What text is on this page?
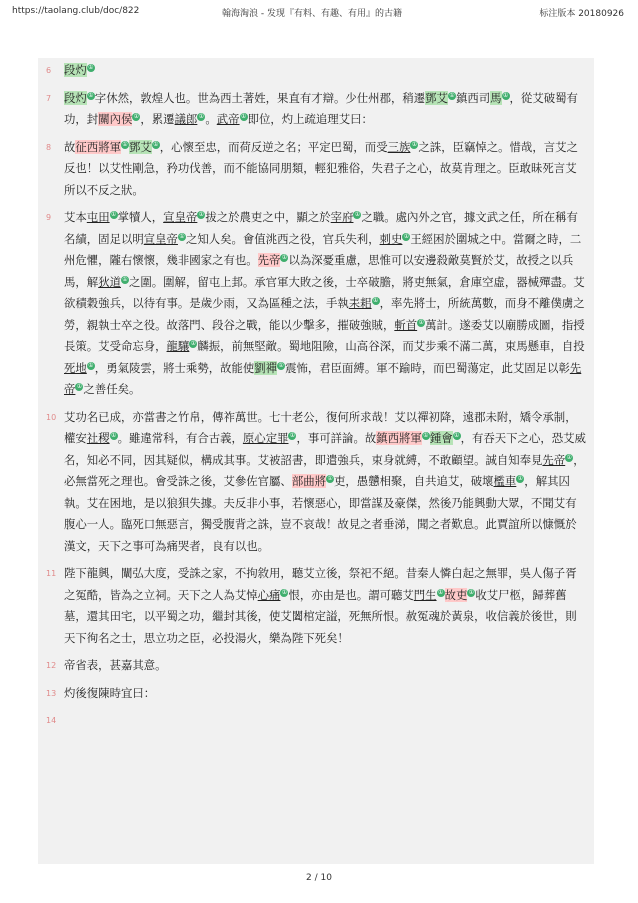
https://taolang.club/doc/822	翰海淘浪 - 发现『有料、有趣、有用』的古籍	标注版本 20180926
6	段灼①
7	段灼①字休然，敦煌人也。世為西土著姓，果直有才辯。少仕州郡，稍遷鄧艾①鎮西司馬①，從艾破蜀有功，封關內侯①，累遷議郎①。武帝①即位，灼上疏追理艾曰：
8	故征西將軍①鄧艾①，心懷至忠，而荷反逆之名；平定巴蜀，而受三族①之誅，臣竊悼之。惜哉，言艾之反也！以艾性剛急，矜功伐善，而不能協同朋類，輕犯雅俗，失君子之心，故莫肯理之。臣敢昧死言艾所以不反之狀。
9	艾本屯田①掌犢人，宣皇帝①拔之於農吏之中，顯之於宰府①之職。處內外之官，據文武之任，所在稱有名績，固足以明宣皇帝①之知人矣。會值洮西之役，官兵失利，刺史①王經困於圍城之中。當爾之時，二州危懼，隴右懷懷，幾非國家之有也。先帝①以為深憂重慮，思惟可以安邊殺敵莫賢於艾，故授之以兵馬，解狄道①之圍。圍解，留屯上邽。承官軍大敗之後，士卒破膽，將吏無氣，倉庫空虛，器械殫盡。艾欲積穀強兵，以待有事。是歲少雨，又為區種之法，手執耒耜①，率先將士，所統萬數，而身不離僕虜之勞，親執士卒之役。故落門、段谷之戰，能以少擊多，摧破強賊，斬首①萬計。遂委艾以廟勝成圖，指授長策。艾受命忘身，龍驤①麟振，前無堅敵。蜀地阻險，山高谷深，而艾步乘不滿二萬，束馬懸車，自投死地①，勇氣陵雲，將士乘勢，故能使劉禪①震怖，君臣面縛。軍不踰時，而巴蜀蕩定，此艾固足以彰先帝①之善任矣。
10 艾功名已成，亦當書之竹帛，傳祚萬世。七十老公，復何所求哉！艾以禪初降，遠郡未附，矯令承制，權安社稷①。雖違常科，有合古義，原心定罪①，事可詳論。故鎮西將軍①鍾會①，有吞天下之心，恐艾威名，知必不同，因其疑似，構成其事。艾被詔書，即遣強兵，束身就縛，不敢顧望。誠自知奉見先帝①，必無當死之理也。會受誅之後，艾參佐官屬、部曲將①吏，愚戇相聚，自共追艾，破壞檻車①，解其囚執。艾在困地，是以狼狽失據。夫反非小事，若懷惡心，即當謀及豪傑，然後乃能興動大眾，不聞艾有腹心一人。臨死口無惡言，獨受腹背之誅，豈不哀哉！故見之者垂涕，聞之者歎息。此賈誼所以慷慨於漢文，天下之事可為痛哭者，良有以也。
11 陛下龍興，闡弘大度，受誅之家，不拘敘用，聽艾立後，祭祀不絕。昔秦人憐白起之無罪，吳人傷子胥之冤酷，皆為之立祠。天下之人為艾悼心痛①恨，亦由是也。謂可聽艾門生①故吏①收艾尸柩，歸葬舊墓，還其田宅，以平蜀之功，繼封其後，使艾闔棺定謚，死無所恨。赦冤魂於黃泉，收信義於後世，則天下徇名之士，思立功之臣，必投湯火，樂為陛下死矣！
12 帝省表，甚嘉其意。
13 灼後復陳時宜曰：
14
2 / 10
